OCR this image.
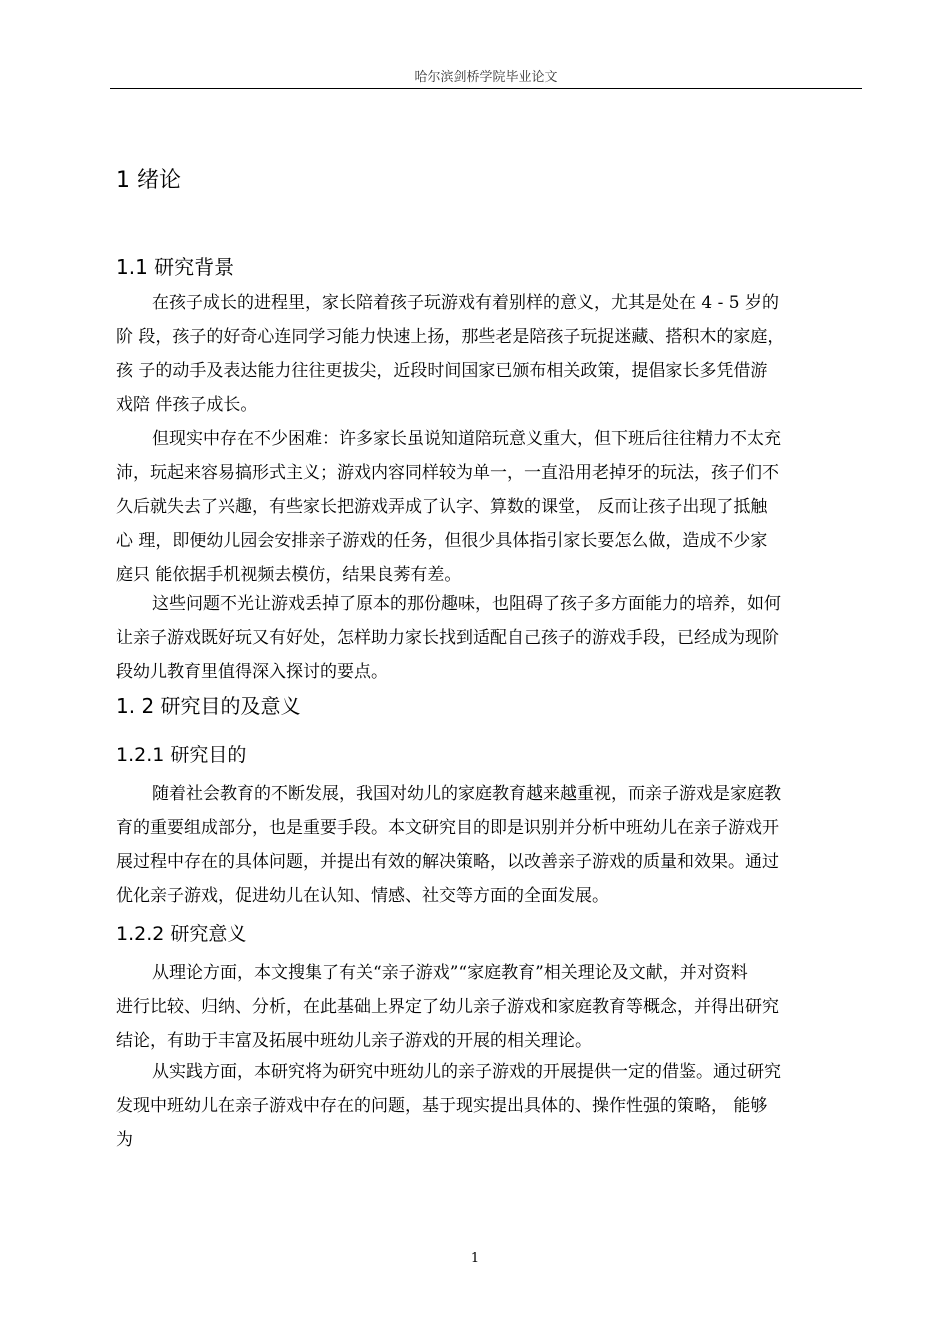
哈尔滨剑桥学院毕业论文
1 绪论
1.1 研究背景
在孩子成长的进程里，家长陪着孩子玩游戏有着别样的意义，尤其是处在 4 - 5 岁的
阶 段，孩子的好奇心连同学习能力快速上扬，那些老是陪孩子玩捉迷藏、搭积木的家庭，
孩 子的动手及表达能力往往更拔尖，近段时间国家已颁布相关政策，提倡家长多凭借游
戏陪 伴孩子成长。
但现实中存在不少困难：许多家长虽说知道陪玩意义重大，但下班后往往精力不太充
沛，玩起来容易搞形式主义；游戏内容同样较为单一，一直沿用老掉牙的玩法，孩子们不
久后就失去了兴趣，有些家长把游戏弄成了认字、算数的课堂， 反而让孩子出现了抵触
心 理，即便幼儿园会安排亲子游戏的任务，但很少具体指引家长要怎么做，造成不少家
庭只 能依据手机视频去模仿，结果良莠有差。
这些问题不光让游戏丢掉了原本的那份趣味，也阻碍了孩子多方面能力的培养，如何
让亲子游戏既好玩又有好处，怎样助力家长找到适配自己孩子的游戏手段，已经成为现阶
段幼儿教育里值得深入探讨的要点。
1. 2 研究目的及意义
1.2.1 研究目的
随着社会教育的不断发展，我国对幼儿的家庭教育越来越重视，而亲子游戏是家庭教
育的重要组成部分，也是重要手段。本文研究目的即是识别并分析中班幼儿在亲子游戏开
展过程中存在的具体问题，并提出有效的解决策略，以改善亲子游戏的质量和效果。通过
优化亲子游戏，促进幼儿在认知、情感、社交等方面的全面发展。
1.2.2 研究意义
从理论方面，本文搜集了有关“亲子游戏”“家庭教育”相关理论及文献，并对资料
进行比较、归纳、分析，在此基础上界定了幼儿亲子游戏和家庭教育等概念，并得出研究
结论，有助于丰富及拓展中班幼儿亲子游戏的开展的相关理论。
从实践方面，本研究将为研究中班幼儿的亲子游戏的开展提供一定的借鉴。通过研究
发现中班幼儿在亲子游戏中存在的问题，基于现实提出具体的、操作性强的策略， 能够
为
1
